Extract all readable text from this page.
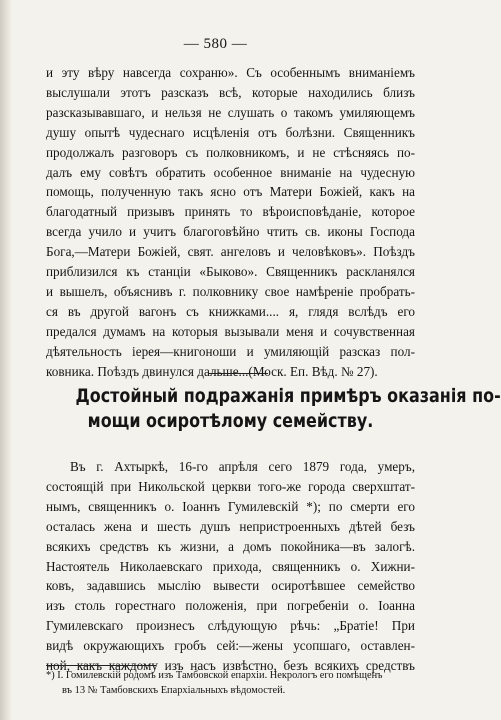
— 580 —
и эту вѣру навсегда сохраню». Съ особеннымъ вниманіемъ
выслушали этотъ разсказъ всѣ, которые находились близъ
разсказывавшаго, и нельзя не слушать о такомъ умиляющемъ
душу опытѣ чудеснаго исцѣленія отъ болѣзни. Священникъ
продолжалъ разговоръ съ полковникомъ, и не стѣсняясь по-
далъ ему совѣтъ обратить особенное вниманіе на чудесную
помощь, полученную такъ ясно отъ Матери Божіей, какъ на
благодатный призывъ принять то вѣроисповѣданіе, которое
всегда учило и учитъ благоговѣйно чтить св. иконы Господа
Бога,—Матери Божіей, свят. ангеловъ и человѣковъ». Поѣздъ
приблизился къ станціи «Быково». Священникъ раскланялся
и вышелъ, объяснивъ г. полковнику свое намѣреніе пробрать-
ся въ другой вагонъ съ книжками.... я, глядя вслѣдъ его
предался думамъ на которыя вызывали меня и сочувственная
дѣятельность іерея—книгоноши и умиляющій разсказ пол-
ковника. Поѣздъ двинулся дальше...(Моск. Еп. Вѣд. № 27).
Достойный подражанія примѣръ оказанія по-
мощи осиротѣлому семейству.
Въ г. Ахтыркѣ, 16-го апрѣля сего 1879 года, умеръ,
состоящій при Никольской церкви того-же города сверхштат-
нымъ, священникъ о. Іоаннъ Гумилевскій *); по смерти его
осталась жена и шесть душъ непристроенныхъ дѣтей безъ
всякихъ средствъ къ жизни, а домъ покойника—въ залогѣ.
Настоятель Николаевскаго прихода, священникъ о. Хижни-
ковъ, задавшись мыслію вывести осиротѣвшее семейство
изъ столь горестнаго положенія, при погребеніи о. Іоанна
Гумилевскаго произнесъ слѣдующую рѣчь: „Братіе! При
видѣ окружающихъ гробъ сей:—жены усопшаго, оставлен-
ной, какъ каждому изъ насъ извѣстно, безъ всякихъ средствъ
*) І. Гомилевскій родомъ изъ Тамбовской епархіи. Некрологъ его помѣщенъ
въ 13 № Тамбовскихъ Епархіальныхъ вѣдомостей.
